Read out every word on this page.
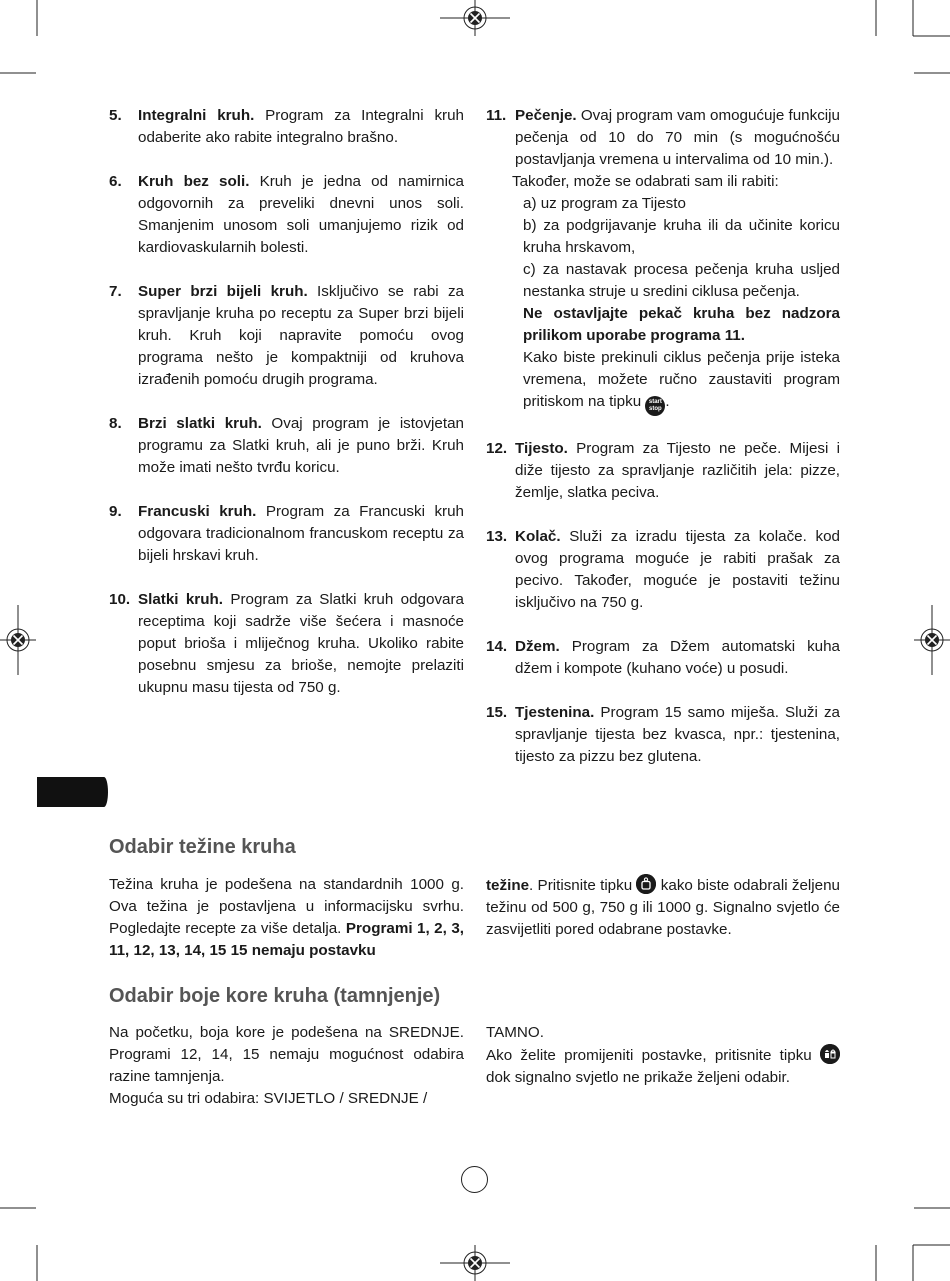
5. Integralni kruh. Program za Integralni kruh odaberite ako rabite integralno brašno.

6. Kruh bez soli. Kruh je jedna od namirnica odgovornih za preveliki dnevni unos soli. Smanjenim unosom soli umanjujemo rizik od kardiovaskularnih bolesti.

7. Super brzi bijeli kruh. Isključivo se rabi za spravljanje kruha po receptu za Super brzi bijeli kruh. Kruh koji napravite pomoću ovog programa nešto je kompaktniji od kruhova izrađenih pomoću drugih programa.

8. Brzi slatki kruh. Ovaj program je istovjetan programu za Slatki kruh, ali je puno brži. Kruh može imati nešto tvrđu koricu.

9. Francuski kruh. Program za Francuski kruh odgovara tradicionalnom francuskom receptu za bijeli hrskavi kruh.

10. Slatki kruh. Program za Slatki kruh odgovara receptima koji sadrže više šećera i masnoće poput brioša i mliječnog kruha. Ukoliko rabite posebnu smjesu za brioše, nemojte prelaziti ukupnu masu tijesta od 750 g.

11. Pečenje. Ovaj program vam omogućuje funkciju pečenja od 10 do 70 min (s mogućnošću postavljanja vremena u intervalima od 10 min.).

Također, može se odabrati sam ili rabiti:

a) uz program za Tijesto

b) za podgrijavanje kruha ili da učinite koricu kruha hrskavom,

c) za nastavak procesa pečenja kruha usljed nestanka struje u sredini ciklusa pečenja.

Ne ostavljajte pekač kruha bez nadzora prilikom uporabe programa 11.

Kako biste prekinuli ciklus pečenja prije isteka vremena, možete ručno zaustaviti program pritiskom na tipku start
stop .

12. Tijesto. Program za Tijesto ne peče. Mijesi i diže tijesto za spravljanje različitih jela: pizze, žemlje, slatka peciva.

13. Kolač. Služi za izradu tijesta za kolače. kod ovog programa moguće je rabiti prašak za pecivo. Također, moguće je postaviti težinu isključivo na 750 g.

14. Džem. Program za Džem automatski kuha džem i kompote (kuhano voće) u posudi.

15. Tjestenina. Program 15 samo miješa. Služi za spravljanje tijesta bez kvasca, npr.: tjestenina, tijesto za pizzu bez glutena.

Odabir težine kruha

Težina kruha je podešena na standardnih 1000 g. Ova težina je postavljena u informacijsku svrhu. Pogledajte recepte za više detalja. Programi 1, 2, 3, 11, 12, 13, 14, 15 15 nemaju postavku

težine. Pritisnite tipku  kako biste odabrali željenu težinu od 500 g, 750 g ili 1000 g. Signalno svjetlo će zasvijetliti pored odabrane postavke.

Odabir boje kore kruha (tamnjenje)
Na početku, boja kore je podešena na SREDNJE. Programi 12, 14, 15 nemaju mogućnost odabira razine tamnjenja.
Moguća su tri odabira: SVIJETLO / SREDNJE /
TAMNO.
Ako želite promijeniti postavke, pritisnite tipku  dok signalno svjetlo ne prikaže željeni odabir.
